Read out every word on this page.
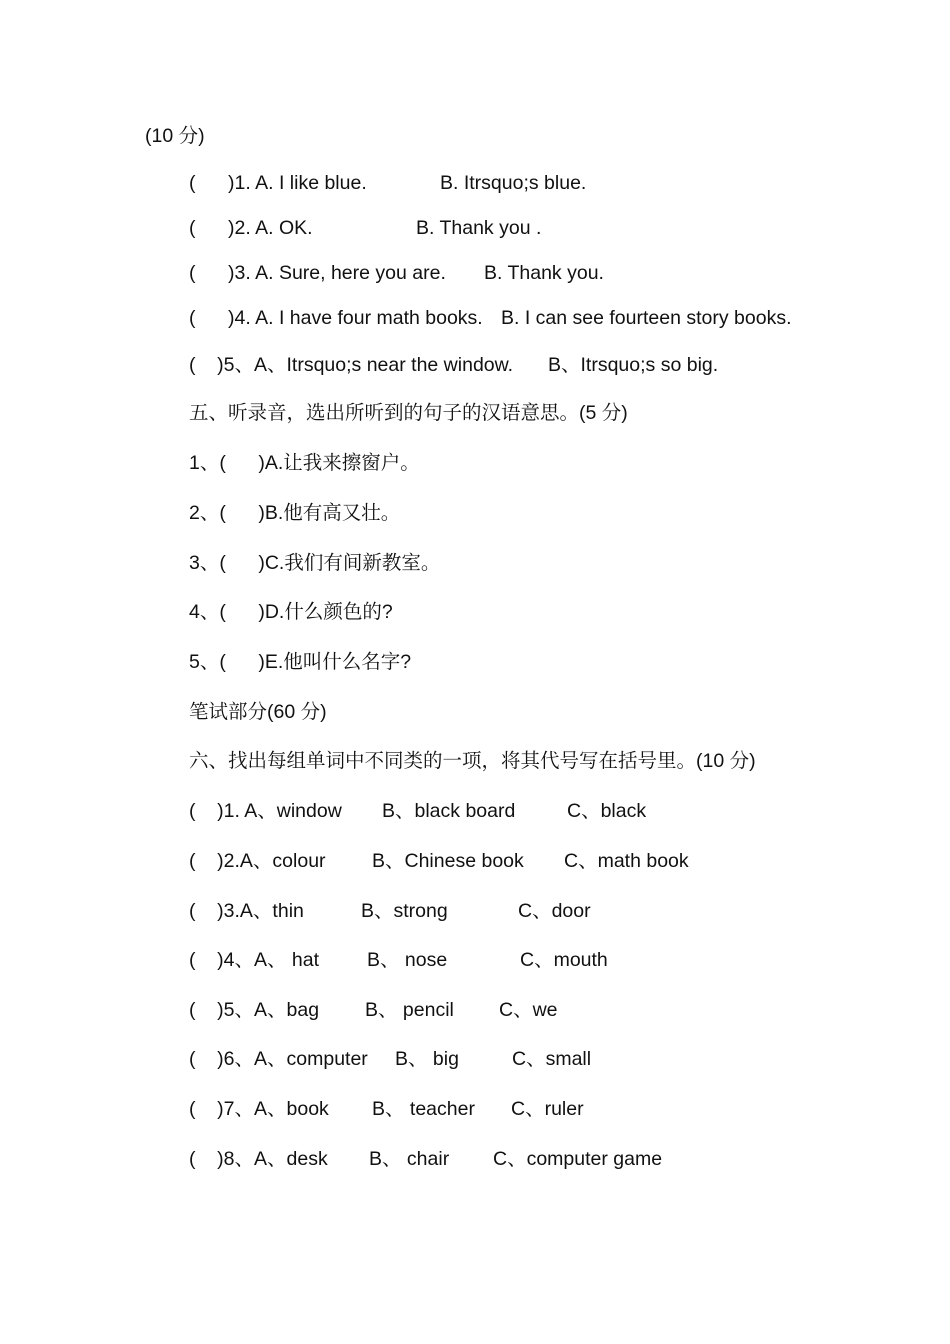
(10 分)

(      )1. A. I like blue.

	B. Itrsquo;s blue.

(      )2. A. OK.

	B. Thank you .

(      )3. A. Sure, here you are.

B. Thank you.

(      )4. A. I have four math books.

B. I can see fourteen story books.

(    )5、A、Itrsquo;s near the window.

B、Itrsquo;s so big.

五、听录音，选出所听到的句子的汉语意思。(5 分)
1、(      )A.让我来擦窗户。
2、(      )B.他有高又壮。
3、(      )C.我们有间新教室。
4、(      )D.什么颜色的?
5、(      )E.他叫什么名字?
笔试部分(60 分)
六、找出每组单词中不同类的一项，将其代号写在括号里。(10 分)

(    )1. A、window

B、black board

	C、black

(    )2.A、colour

B、Chinese book

C、math book

(    )3.A、thin

	B、strong

	C、door

(    )4、A、 hat

B、 nose

	C、mouth

(    )5、A、bag

B、 pencil

C、we

(    )6、A、computer

B、 big

	C、small

(    )7、A、book

B、 teacher

C、ruler

(    )8、A、desk

B、 chair

C、computer game
